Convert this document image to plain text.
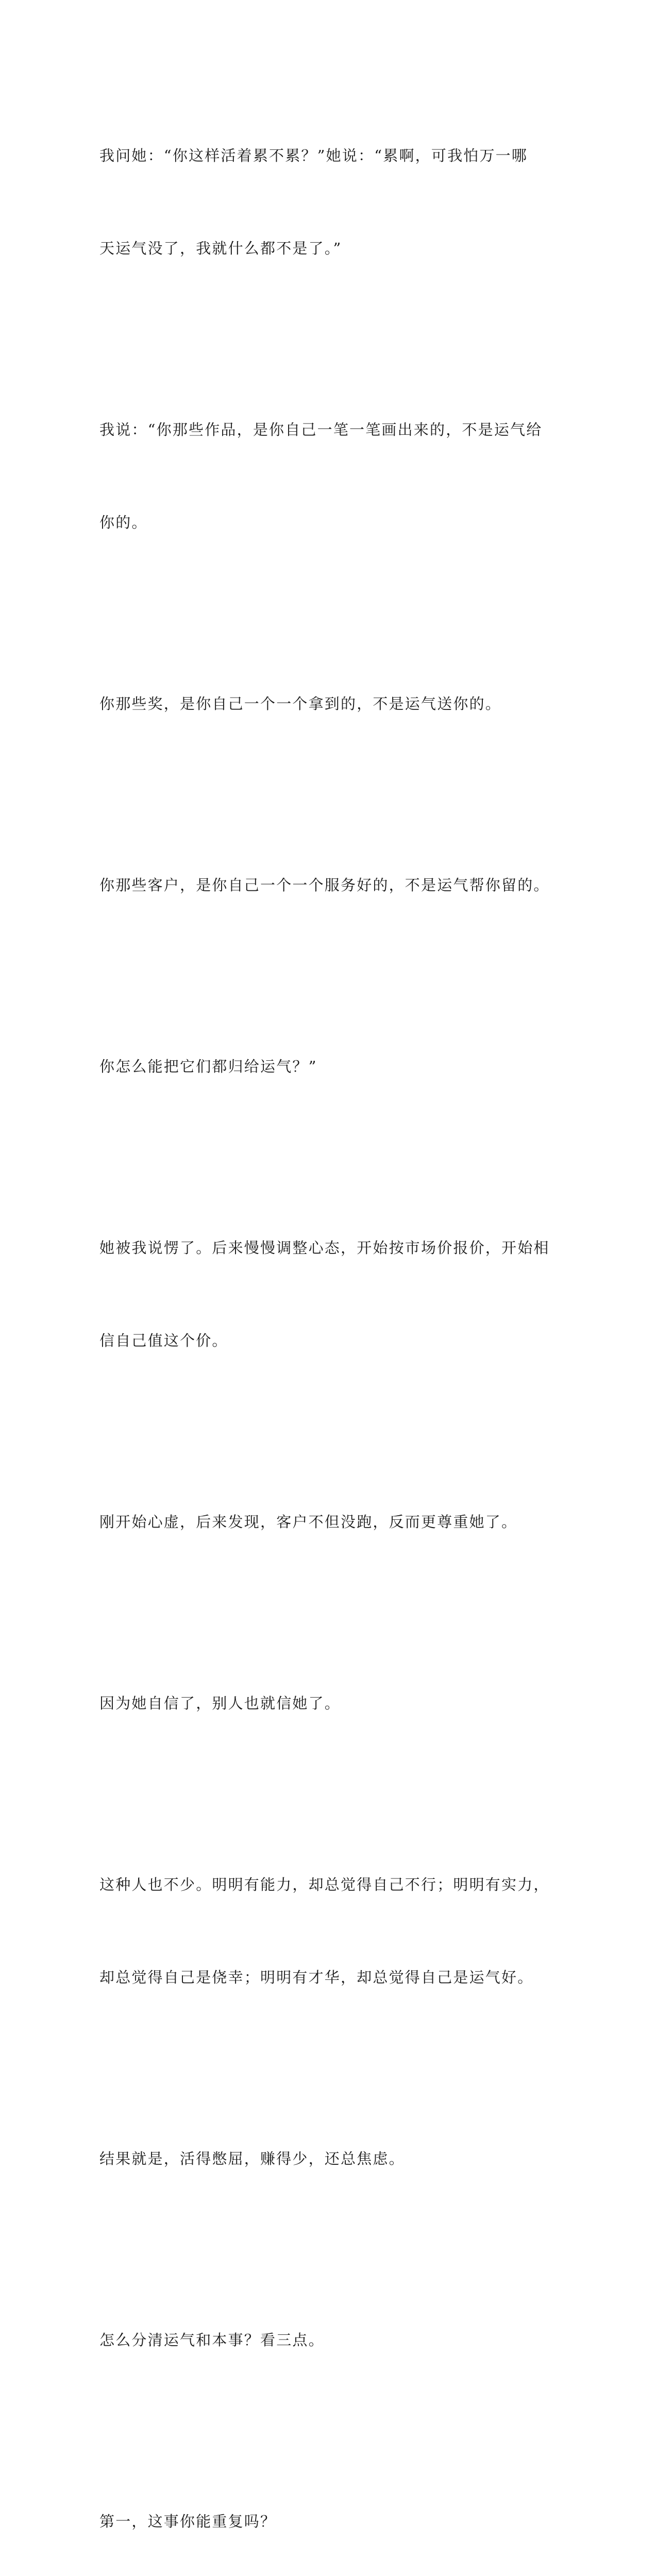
我问她：“你这样活着累不累？”她说：“累啊，可我怕万一哪

天运气没了，我就什么都不是了。”

我说：“你那些作品，是你自己一笔一笔画出来的，不是运气给

你的。

你那些奖，是你自己一个一个拿到的，不是运气送你的。

你那些客户，是你自己一个一个服务好的，不是运气帮你留的。

你怎么能把它们都归给运气？”

她被我说愣了。后来慢慢调整心态，开始按市场价报价，开始相

信自己值这个价。

刚开始心虚，后来发现，客户不但没跑，反而更尊重她了。

因为她自信了，别人也就信她了。

这种人也不少。明明有能力，却总觉得自己不行；明明有实力，

却总觉得自己是侥幸；明明有才华，却总觉得自己是运气好。

结果就是，活得憋屈，赚得少，还总焦虑。

怎么分清运气和本事？看三点。

第一，这事你能重复吗？
